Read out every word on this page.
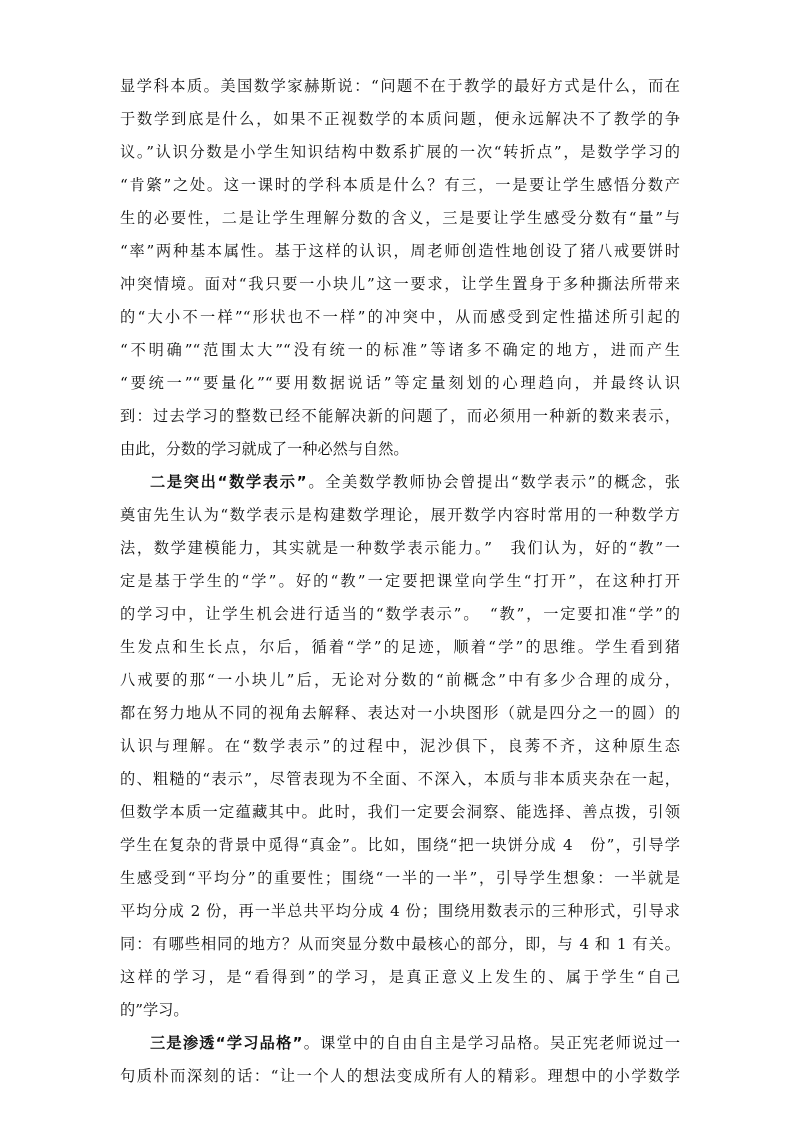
显学科本质。美国数学家赫斯说：“问题不在于教学的最好方式是什么，而在
于数学到底是什么，如果不正视数学的本质问题，便永远解决不了教学的争
议。”认识分数是小学生知识结构中数系扩展的一次“转折点”，是数学学习的
“肯綮”之处。这一课时的学科本质是什么？有三，一是要让学生感悟分数产
生的必要性，二是让学生理解分数的含义，三是要让学生感受分数有“量”与
“率”两种基本属性。基于这样的认识，周老师创造性地创设了猪八戒要饼时
冲突情境。面对“我只要一小块儿”这一要求，让学生置身于多种撕法所带来
的“大小不一样”“形状也不一样”的冲突中，从而感受到定性描述所引起的
“不明确”“范围太大”“没有统一的标准”等诸多不确定的地方，进而产生
“要统一”“要量化”“要用数据说话”等定量刻划的心理趋向，并最终认识
到：过去学习的整数已经不能解决新的问题了，而必须用一种新的数来表示，
由此，分数的学习就成了一种必然与自然。
二是突出“数学表示”。全美数学教师协会曾提出“数学表示”的概念，张
奠宙先生认为“数学表示是构建数学理论，展开数学内容时常用的一种数学方
法，数学建模能力，其实就是一种数学表示能力。”　我们认为，好的“教”一
定是基于学生的“学”。好的“教”一定要把课堂向学生“打开”，在这种打开
的学习中，让学生机会进行适当的“数学表示”。　“教”，一定要扣准“学”的
生发点和生长点，尔后，循着“学”的足迹，顺着“学”的思维。学生看到猪
八戒要的那“一小块儿”后，无论对分数的“前概念”中有多少合理的成分，
都在努力地从不同的视角去解释、表达对一小块图形（就是四分之一的圆）的
认识与理解。在“数学表示”的过程中，泥沙俱下，良莠不齐，这种原生态
的、粗糙的“表示”，尽管表现为不全面、不深入，本质与非本质夹杂在一起，
但数学本质一定蕴藏其中。此时，我们一定要会洞察、能选择、善点拨，引领
学生在复杂的背景中觅得“真金”。比如，围绕“把一块饼分成 4　份”，引导学
生感受到“平均分”的重要性；围绕“一半的一半”，引导学生想象：一半就是
平均分成 2 份，再一半总共平均分成 4 份；围绕用数表示的三种形式，引导求
同：有哪些相同的地方？从而突显分数中最核心的部分，即，与 4 和 1 有关。
这样的学习，是“看得到”的学习，是真正意义上发生的、属于学生“自己
的”学习。
三是渗透“学习品格”。课堂中的自由自主是学习品格。吴正宪老师说过一
句质朴而深刻的话：“让一个人的想法变成所有人的精彩。理想中的小学数学
